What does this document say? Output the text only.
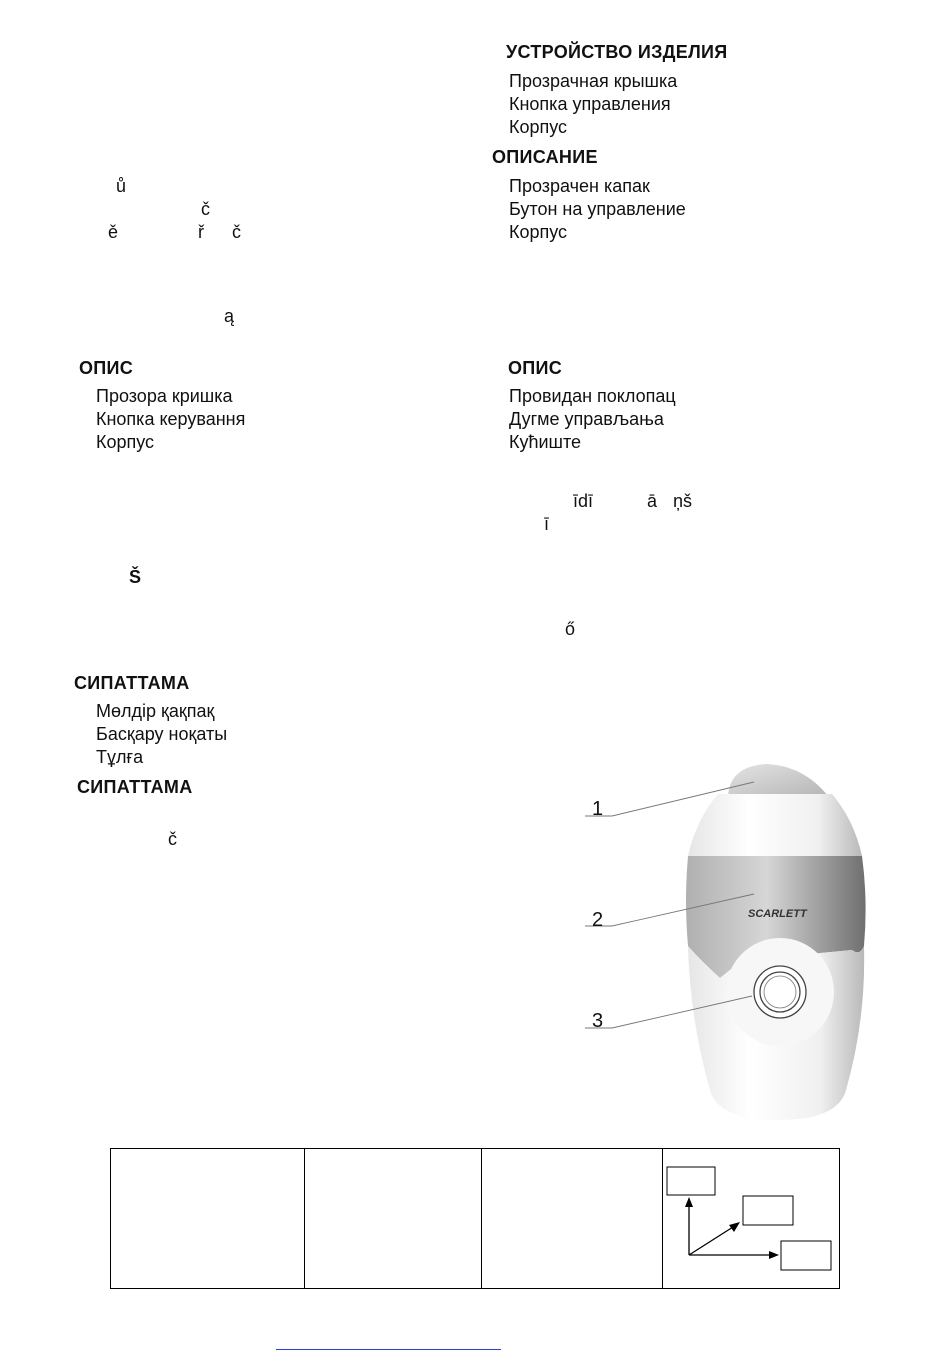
УСТРОЙСТВО ИЗДЕЛИЯ
Прозрачная крышка
Кнопка управления
Корпус
ОПИСАНИЕ
Прозрачен капак
Бутон на управление
Корпус
ů
č
ě	ř č
ą
ОПИС
Прозора кришка
Кнопка керування
Корпус
ОПИС
Провидан поклопац
Дугме управљања
Кућиште
īdī	ā ņš
ī
Š
ő
СИПАТТАМА
Мөлдір қақпақ
Басқару ноқаты
Тұлға
СИПАТТАМА
č
SCARLETT
1
2
3
